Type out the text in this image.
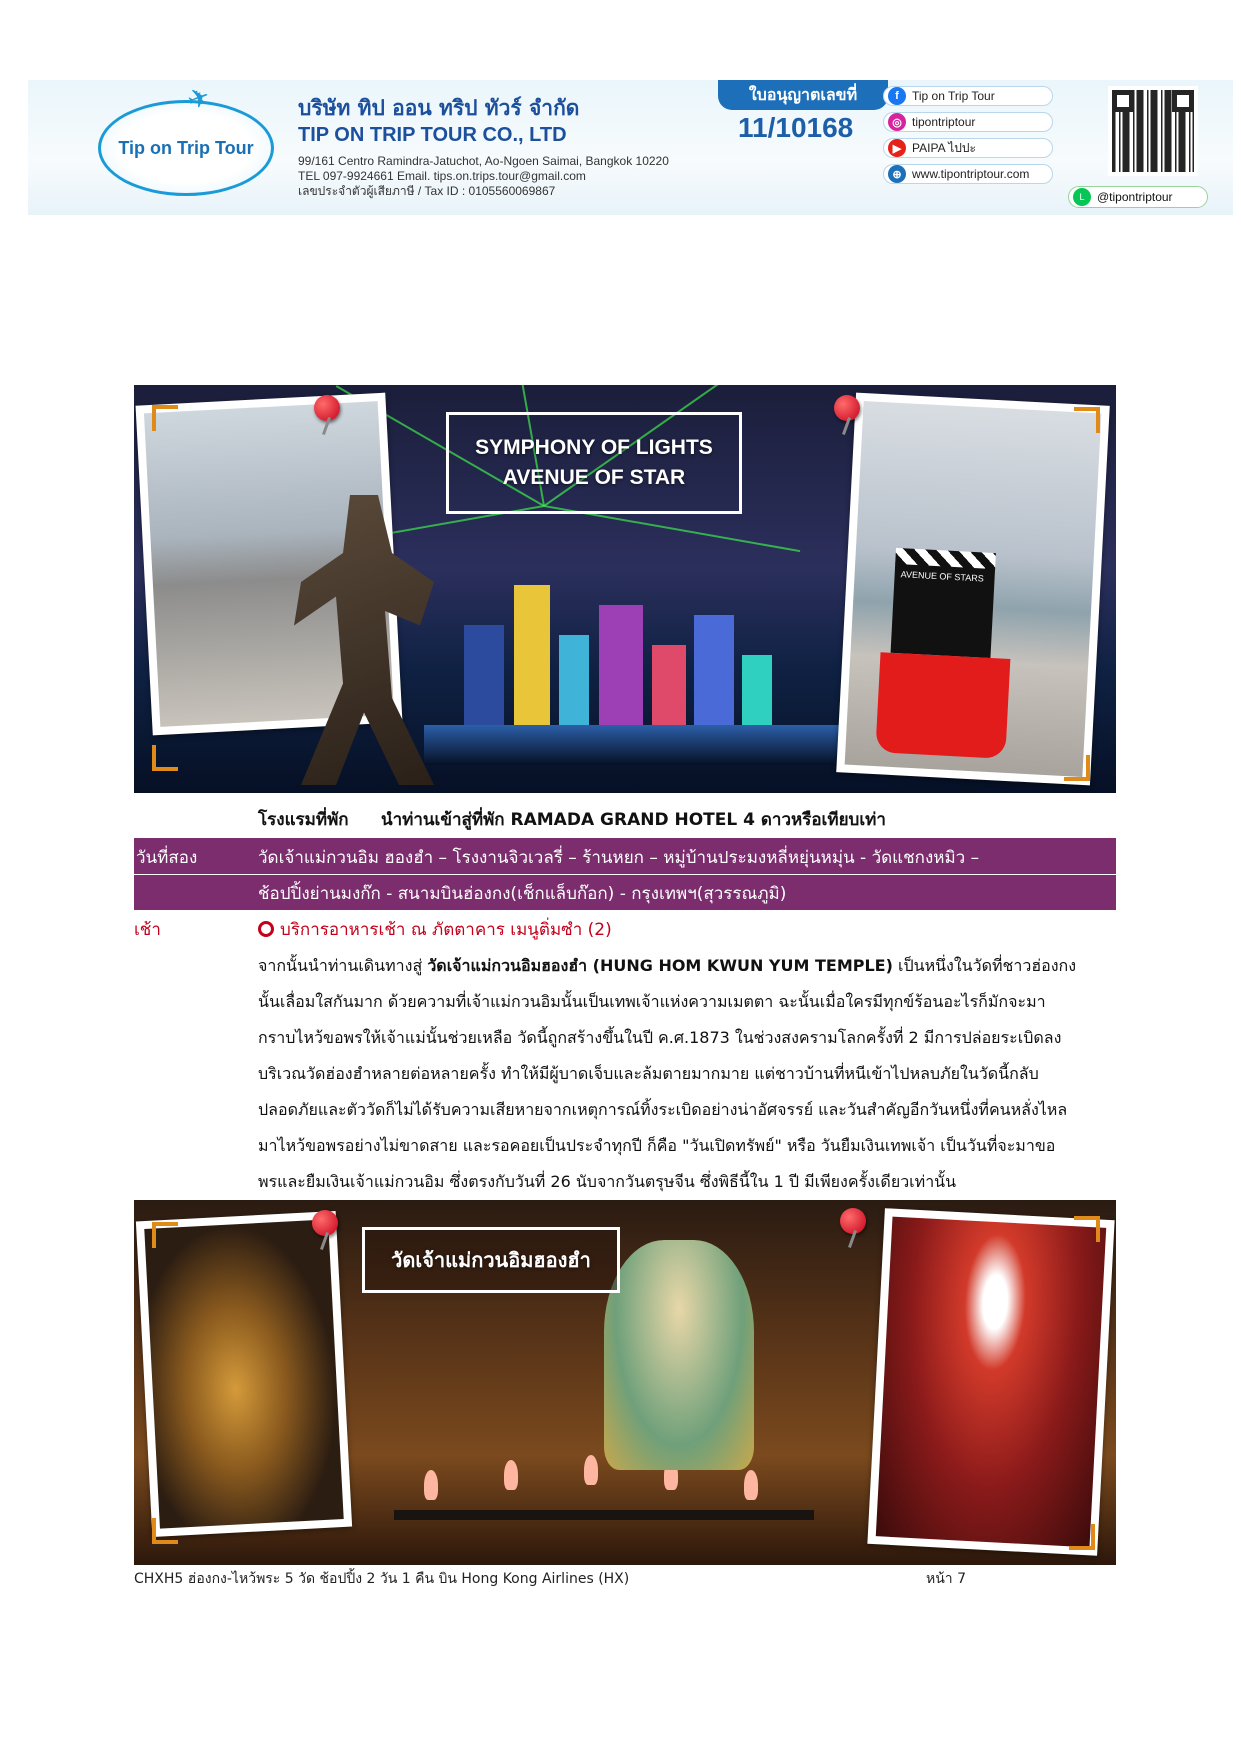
Tip on Trip Tour
✈	บริษัท ทิป ออน ทริป ทัวร์ จำกัด
TIP ON TRIP TOUR CO., LTD
99/161 Centro Ramindra-Jatuchot, Ao-Ngoen Saimai, Bangkok 10220
TEL 097-9924661 Email. tips.on.trips.tour@gmail.com
เลขประจำตัวผู้เสียภาษี / Tax ID : 0105560069867
ใบอนุญาตเลขที่
11/10168
f	Tip on Trip Tour
◎ tipontriptour
▶ PAIPA ไปปะ
⊕ www.tipontriptour.com
L	@tipontriptour
SYMPHONY OF LIGHTS
AVENUE OF STAR
AVENUE OF STARS
โรงแรมที่พัก นำท่านเข้าสู่ที่พัก RAMADA GRAND HOTEL 4 ดาวหรือเทียบเท่า
วันที่สอง	วัดเจ้าแม่กวนอิม ฮองฮำ – โรงงานจิวเวลรี่ – ร้านหยก – หมู่บ้านประมงหลี่หยุ่นหมุ่น - วัดแชกงหมิว –
ช้อปปิ้งย่านมงก๊ก - สนามบินฮ่องกง(เช็กแล็บก๊อก) - กรุงเทพฯ(สุวรรณภูมิ)
เช้า	บริการอาหารเช้า ณ ภัตตาคาร เมนูติ่มซำ (2)

จากนั้นนำท่านเดินทางสู่ วัดเจ้าแม่กวนอิมฮองฮำ (HUNG HOM KWUN YUM TEMPLE) เป็นหนึ่งในวัดที่ชาวฮ่องกง

นั้นเลื่อมใสกันมาก ด้วยความที่เจ้าแม่กวนอิมนั้นเป็นเทพเจ้าแห่งความเมตตา ฉะนั้นเมื่อใครมีทุกข์ร้อนอะไรก็มักจะมา

กราบไหว้ขอพรให้เจ้าแม่นั้นช่วยเหลือ วัดนี้ถูกสร้างขึ้นในปี ค.ศ.1873 ในช่วงสงครามโลกครั้งที่ 2 มีการปล่อยระเบิดลง

บริเวณวัดฮ่องฮำหลายต่อหลายครั้ง ทำให้มีผู้บาดเจ็บและล้มตายมากมาย แต่ชาวบ้านที่หนีเข้าไปหลบภัยในวัดนี้กลับ

ปลอดภัยและตัววัดก็ไม่ได้รับความเสียหายจากเหตุการณ์ทิ้งระเบิดอย่างน่าอัศจรรย์ และวันสำคัญอีกวันหนึ่งที่คนหลั่งไหล

มาไหว้ขอพรอย่างไม่ขาดสาย และรอคอยเป็นประจำทุกปี ก็คือ "วันเปิดทรัพย์" หรือ วันยืมเงินเทพเจ้า เป็นวันที่จะมาขอ

พรและยืมเงินเจ้าแม่กวนอิม ซึ่งตรงกับวันที่ 26 นับจากวันตรุษจีน ซึ่งพิธีนี้ใน 1 ปี มีเพียงครั้งเดียวเท่านั้น

วัดเจ้าแม่กวนอิมฮองฮำ
CHXH5 ฮ่องกง-ไหว้พระ 5 วัด ช้อปปิ้ง 2 วัน 1 คืน บิน Hong Kong Airlines (HX)	หน้า 7
